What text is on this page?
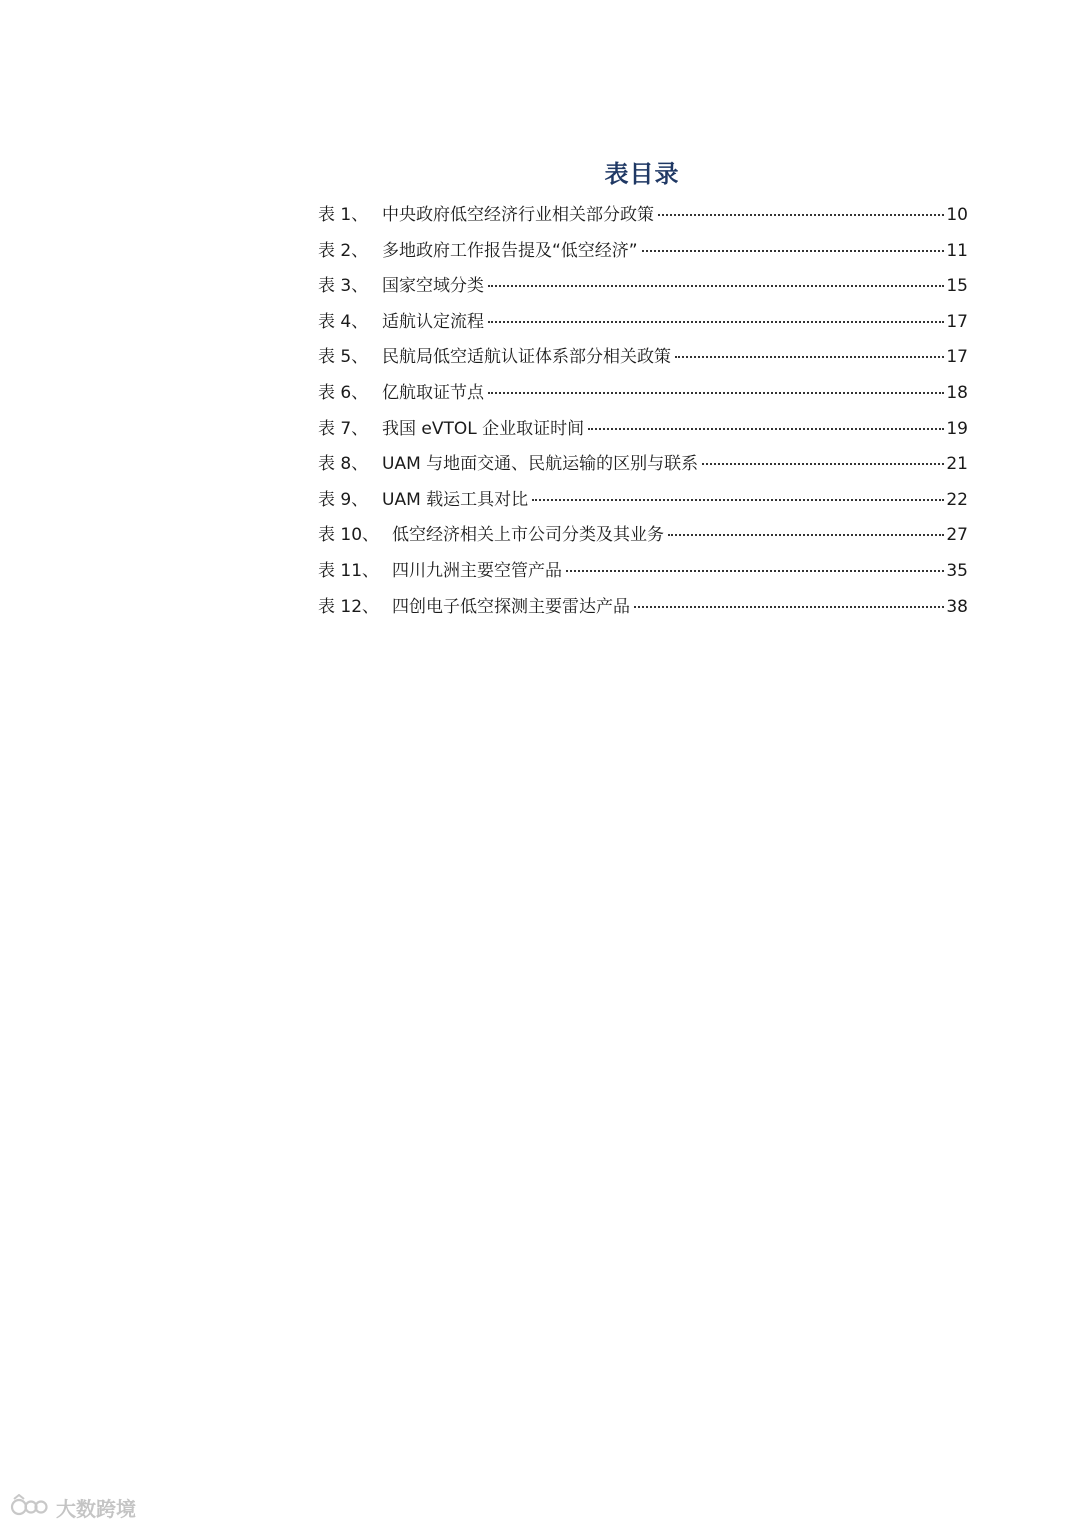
表目录
表 1、 中央政府低空经济行业相关部分政策	10
表 2、 多地政府工作报告提及“低空经济”	11
表 3、 国家空域分类	15
表 4、 适航认定流程	17
表 5、 民航局低空适航认证体系部分相关政策	17
表 6、 亿航取证节点	18
表 7、 我国 eVTOL 企业取证时间	19
表 8、 UAM 与地面交通、民航运输的区别与联系	21
表 9、 UAM 载运工具对比	22
表 10、 低空经济相关上市公司分类及其业务	27
表 11、 四川九洲主要空管产品	35
表 12、 四创电子低空探测主要雷达产品	38
大数跨境
